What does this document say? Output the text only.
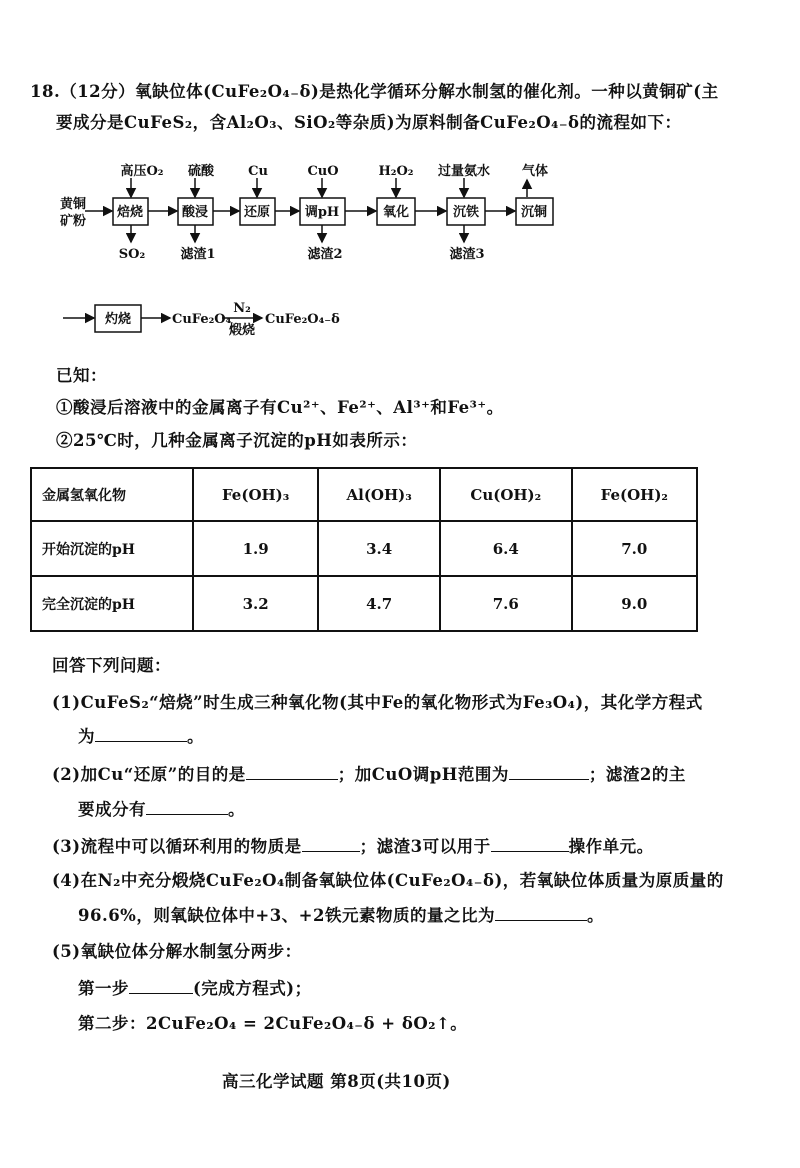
18.（12分）氧缺位体(CuFe₂O₄₋δ)是热化学循环分解水制氢的催化剂。一种以黄铜矿(主
要成分是CuFeS₂，含Al₂O₃、SiO₂等杂质)为原料制备CuFe₂O₄₋δ的流程如下：
黄铜
矿粉
焙烧	酸浸	还原	调pH	氧化	沉铁	沉铜
高压O₂ 硫酸	Cu	CuO	H₂O₂ 过量氨水 气体
SO₂	滤渣1	滤渣2	滤渣3
灼烧	CuFe₂O₄
N₂
煅烧
CuFe₂O₄₋δ
已知：
①酸浸后溶液中的金属离子有Cu²⁺、Fe²⁺、Al³⁺和Fe³⁺。
②25℃时，几种金属离子沉淀的pH如表所示：
金属氢氧化物	Fe(OH)₃	Al(OH)₃	Cu(OH)₂	Fe(OH)₂
开始沉淀的pH	1.9	3.4	6.4	7.0
完全沉淀的pH	3.2	4.7	7.6	9.0
回答下列问题：
(1)CuFeS₂“焙烧”时生成三种氧化物(其中Fe的氧化物形式为Fe₃O₄)，其化学方程式
为	。
(2)加Cu“还原”的目的是	；加CuO调pH范围为	；滤渣2的主
要成分有	。
(3)流程中可以循环利用的物质是	；滤渣3可以用于	操作单元。
(4)在N₂中充分煅烧CuFe₂O₄制备氧缺位体(CuFe₂O₄₋δ)，若氧缺位体质量为原质量的
96.6%，则氧缺位体中+3、+2铁元素物质的量之比为	。
(5)氧缺位体分解水制氢分两步：
第一步	(完成方程式)；
第二步：2CuFe₂O₄ = 2CuFe₂O₄₋δ + δO₂↑。
高三化学试题 第8页(共10页)
